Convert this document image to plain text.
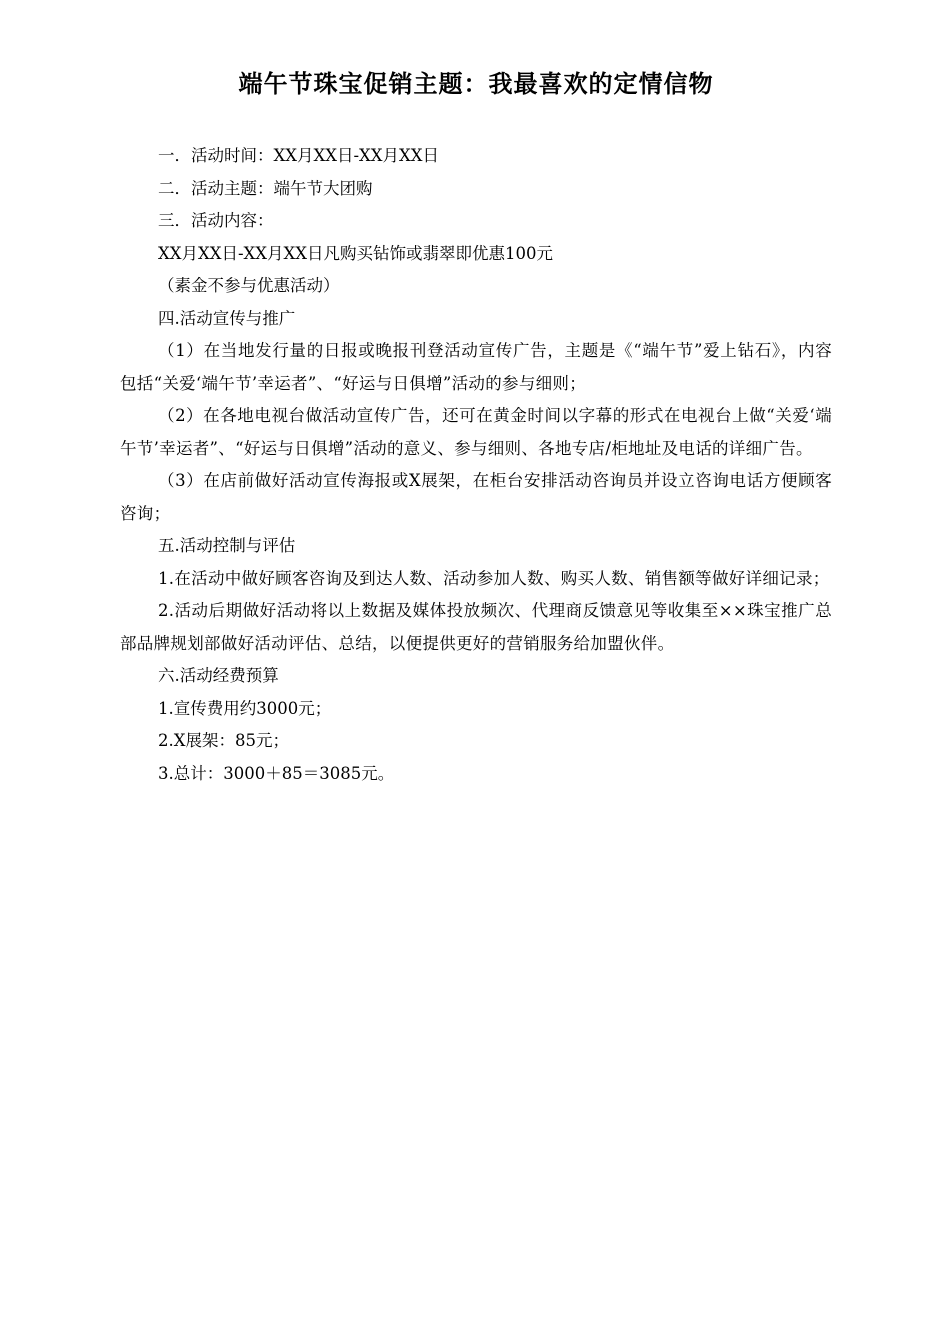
端午节珠宝促销主题：我最喜欢的定情信物

一．活动时间：XX月XX日-XX月XX日

二．活动主题：端午节大团购

三．活动内容：

XX月XX日-XX月XX日凡购买钻饰或翡翠即优惠100元

（素金不参与优惠活动）

四.活动宣传与推广

（1）在当地发行量的日报或晚报刊登活动宣传广告，主题是《“端午节”爱上钻石》，内容包括“关爱‘端午节’幸运者”、“好运与日俱增”活动的参与细则；

（2）在各地电视台做活动宣传广告，还可在黄金时间以字幕的形式在电视台上做“关爱‘端午节’幸运者”、“好运与日俱增”活动的意义、参与细则、各地专店/柜地址及电话的详细广告。

（3）在店前做好活动宣传海报或X展架，在柜台安排活动咨询员并设立咨询电话方便顾客咨询；

五.活动控制与评估

1.在活动中做好顾客咨询及到达人数、活动参加人数、购买人数、销售额等做好详细记录；

2.活动后期做好活动将以上数据及媒体投放频次、代理商反馈意见等收集至××珠宝推广总部品牌规划部做好活动评估、总结，以便提供更好的营销服务给加盟伙伴。

六.活动经费预算

1.宣传费用约3000元；

2.X展架：85元；

3.总计：3000＋85＝3085元。
